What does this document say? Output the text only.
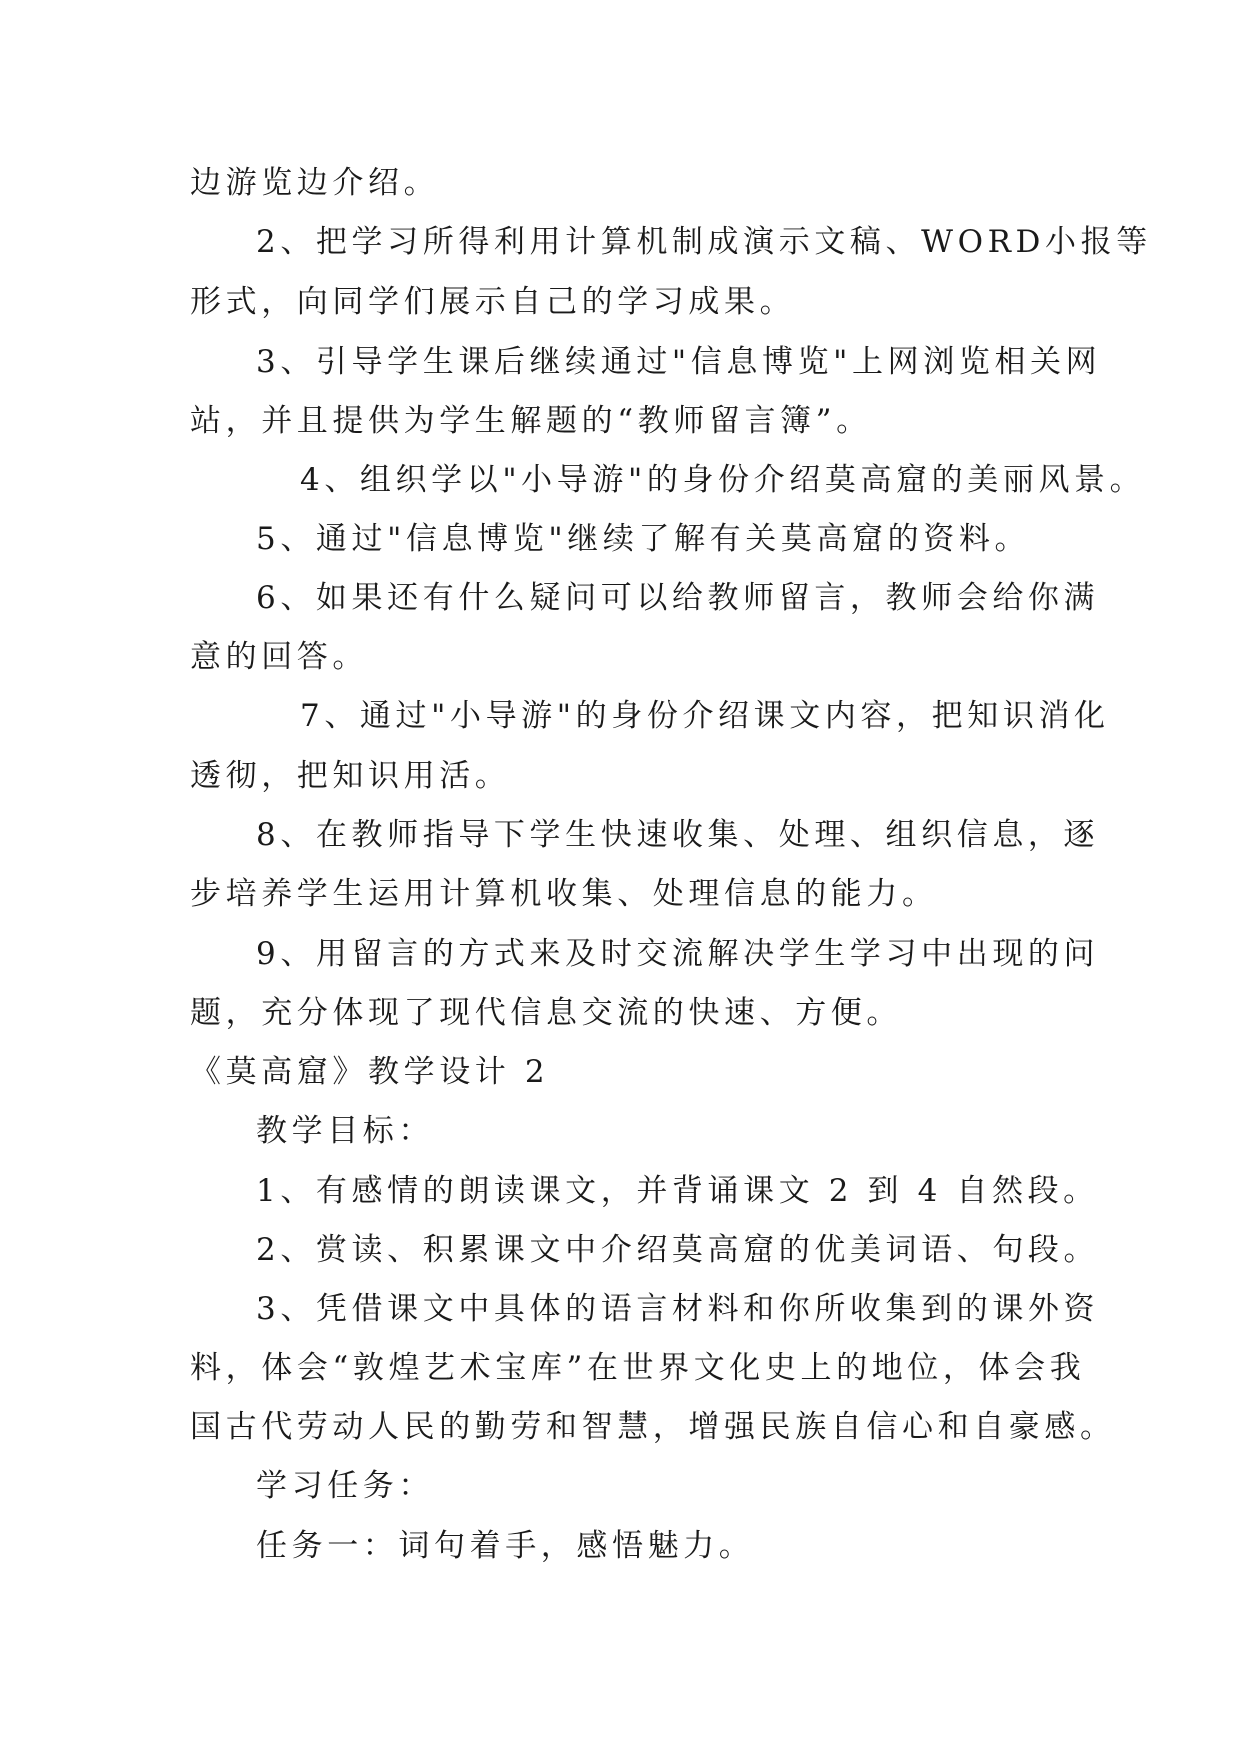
边游览边介绍。
2、把学习所得利用计算机制成演示文稿、WORD小报等
形式，向同学们展示自己的学习成果。
3、引导学生课后继续通过"信息博览"上网浏览相关网
站，并且提供为学生解题的“教师留言簿”。
4、组织学以"小导游"的身份介绍莫高窟的美丽风景。
5、通过"信息博览"继续了解有关莫高窟的资料。
6、如果还有什么疑问可以给教师留言，教师会给你满
意的回答。
7、通过"小导游"的身份介绍课文内容，把知识消化
透彻，把知识用活。
8、在教师指导下学生快速收集、处理、组织信息，逐
步培养学生运用计算机收集、处理信息的能力。
9、用留言的方式来及时交流解决学生学习中出现的问
题，充分体现了现代信息交流的快速、方便。
《莫高窟》教学设计 2
教学目标：
1、有感情的朗读课文，并背诵课文 2 到 4 自然段。
2、赏读、积累课文中介绍莫高窟的优美词语、句段。
3、凭借课文中具体的语言材料和你所收集到的课外资
料，体会“敦煌艺术宝库”在世界文化史上的地位，体会我
国古代劳动人民的勤劳和智慧，增强民族自信心和自豪感。
学习任务：
任务一：词句着手，感悟魅力。
